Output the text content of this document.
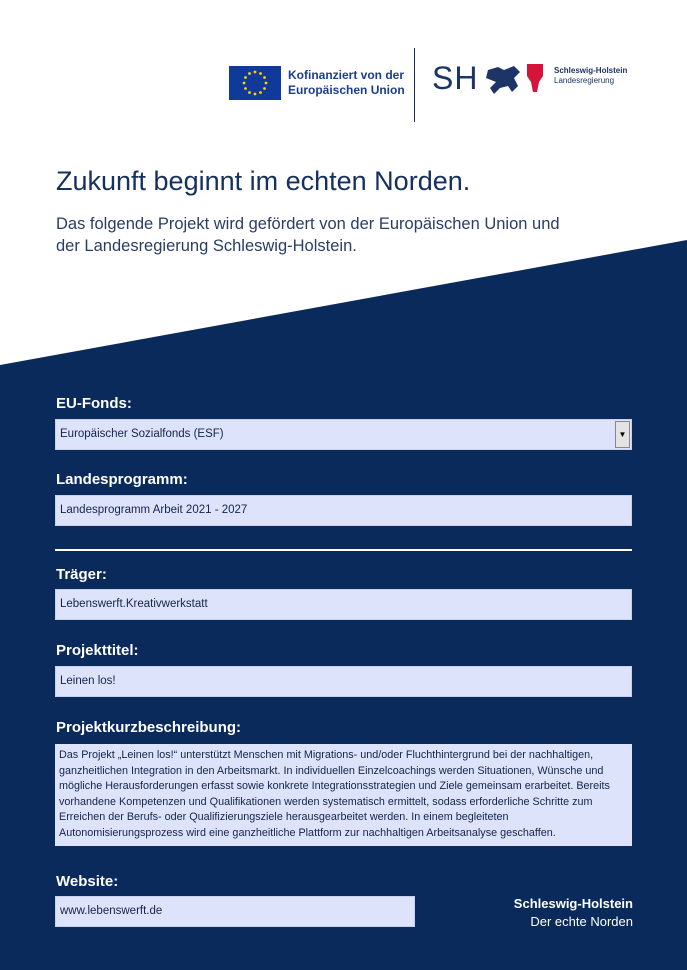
Kofinanziert von der
Europäischen Union SH	Schleswig-Holstein
Landesregierung
Zukunft beginnt im echten Norden.
Das folgende Projekt wird gefördert von der Europäischen Union und der Landesregierung Schleswig-Holstein.
EU-Fonds:
Europäischer Sozialfonds (ESF)	▼
Landesprogramm:
Landesprogramm Arbeit 2021 - 2027
Träger:
Lebenswerft.Kreativwerkstatt
Projekttitel:
Leinen los!
Projektkurzbeschreibung:
Das Projekt „Leinen los!“ unterstützt Menschen mit Migrations- und/oder Fluchthintergrund bei der nachhaltigen, ganzheitlichen Integration in den Arbeitsmarkt. In individuellen Einzelcoachings werden Situationen, Wünsche und mögliche Herausforderungen erfasst sowie konkrete Integrationsstrategien und Ziele gemeinsam erarbeitet. Bereits vorhandene Kompetenzen und Qualifikationen werden systematisch ermittelt, sodass erforderliche Schritte zum Erreichen der Berufs- oder Qualifizierungsziele herausgearbeitet werden. In einem begleiteten Autonomisierungsprozess wird eine ganzheitliche Plattform zur nachhaltigen Arbeitsanalyse geschaffen.
Website:
www.lebenswerft.de	Schleswig-Holstein
Der echte Norden
